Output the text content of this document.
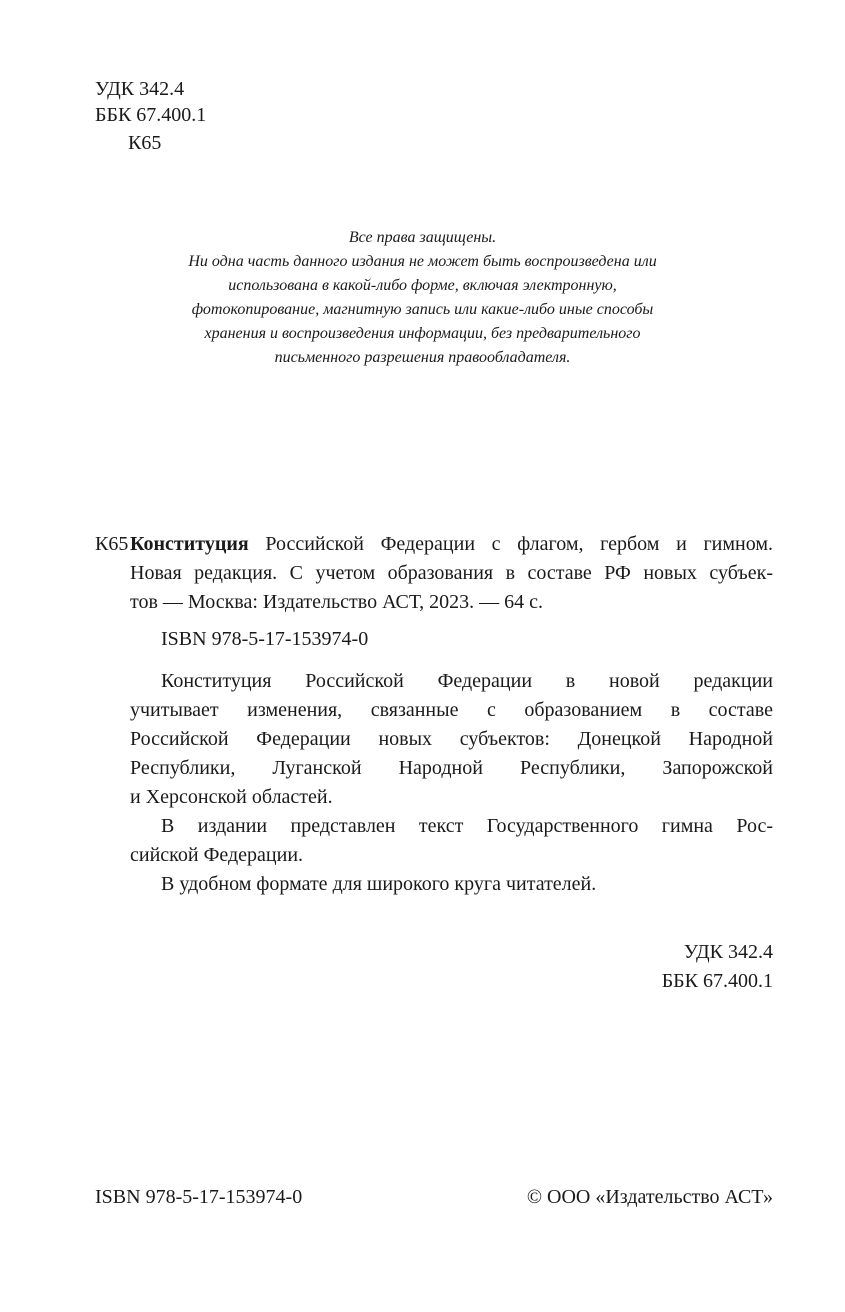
УДК 342.4
ББК 67.400.1
К65
Все права защищены.
Ни одна часть данного издания не может быть воспроизведена или
использована в какой-либо форме, включая электронную,
фотокопирование, магнитную запись или какие-либо иные способы
хранения и воспроизведения информации, без предварительного
письменного разрешения правообладателя.
К65 Конституция Российской Федерации с флагом, гербом и гимном.
Новая редакция. С учетом образования в составе РФ новых субъек-
тов — Москва: Издательство АСТ, 2023. — 64 с.
ISBN 978-5-17-153974-0
Конституция Российской Федерации в новой редакции
учитывает изменения, связанные с образованием в составе
Российской Федерации новых субъектов: Донецкой Народной
Республики, Луганской Народной Республики, Запорожской
и Херсонской областей.
В издании представлен текст Государственного гимна Рос-
сийской Федерации.
В удобном формате для широкого круга читателей.
УДК 342.4
ББК 67.400.1
ISBN 978-5-17-153974-0	© ООО «Издательство АСТ»
